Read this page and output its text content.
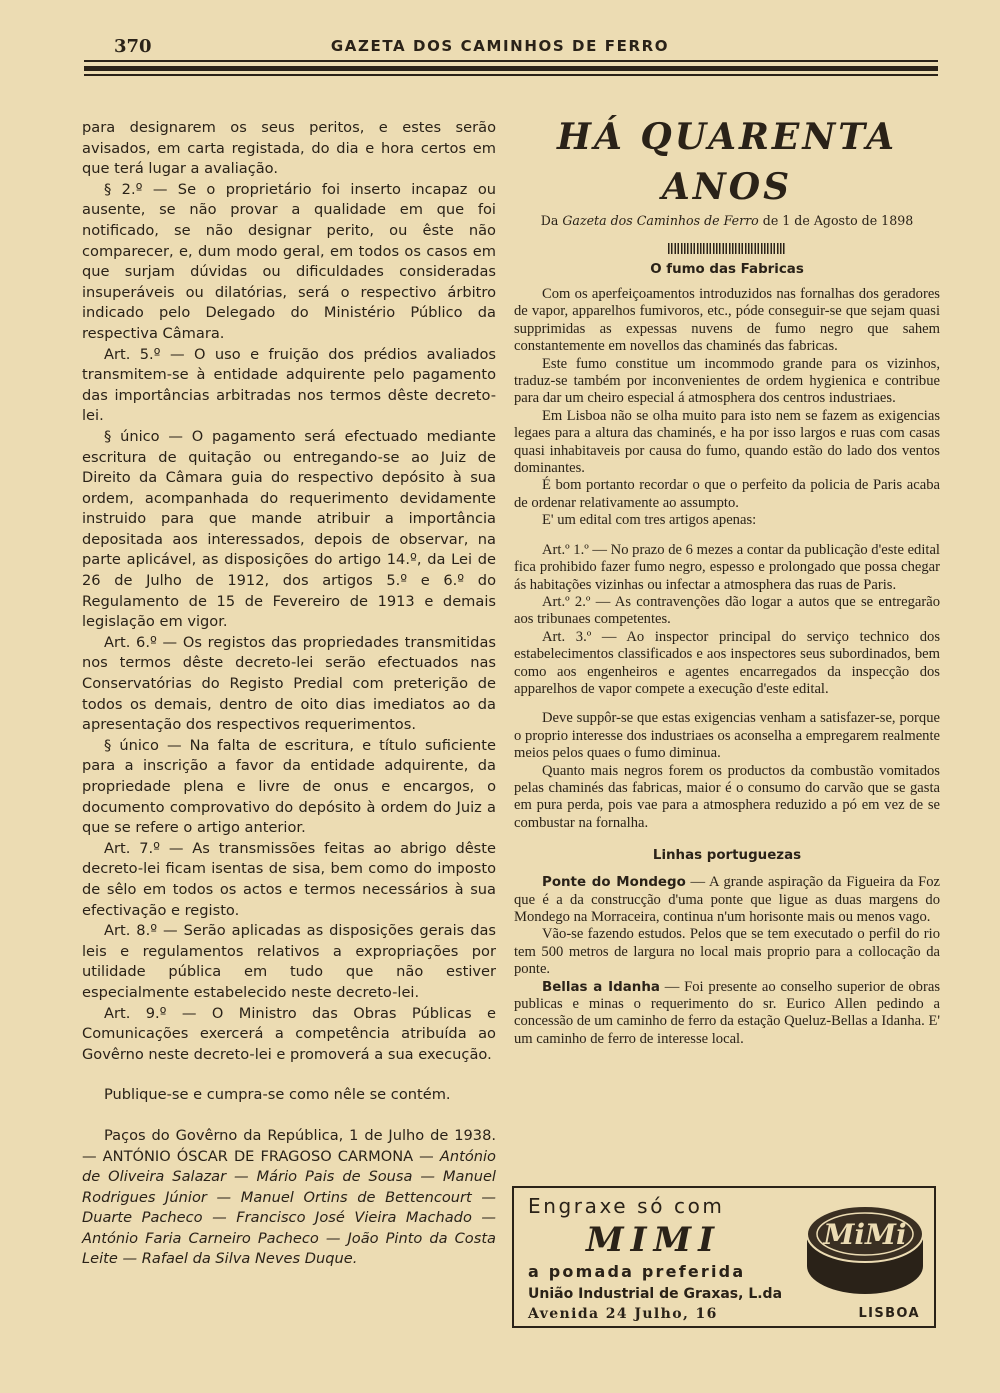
370	GAZETA DOS CAMINHOS DE FERRO

para designarem os seus peritos, e estes serão avisados, em carta registada, do dia e hora certos em que terá lugar a avaliação.

§ 2.º — Se o proprietário foi inserto incapaz ou ausente, se não provar a qualidade em que foi notificado, se não designar perito, ou êste não comparecer, e, dum modo geral, em todos os casos em que surjam dúvidas ou dificuldades consideradas insuperáveis ou dilatórias, será o respectivo árbitro indicado pelo Delegado do Ministério Público da respectiva Câmara.

Art. 5.º — O uso e fruição dos prédios avaliados transmitem-se à entidade adquirente pelo pagamento das importâncias arbitradas nos termos dêste decreto-lei.

§ único — O pagamento será efectuado mediante escritura de quitação ou entregando-se ao Juiz de Direito da Câmara guia do respectivo depósito à sua ordem, acompanhada do requerimento devidamente instruido para que mande atribuir a importância depositada aos interessados, depois de observar, na parte aplicável, as disposições do artigo 14.º, da Lei de 26 de Julho de 1912, dos artigos 5.º e 6.º do Regulamento de 15 de Fevereiro de 1913 e demais legislação em vigor.

Art. 6.º — Os registos das propriedades transmitidas nos termos dêste decreto-lei serão efectuados nas Conservatórias do Registo Predial com preterição de todos os demais, dentro de oito dias imediatos ao da apresentação dos respectivos requerimentos.

§ único — Na falta de escritura, e título suficiente para a inscrição a favor da entidade adquirente, da propriedade plena e livre de onus e encargos, o documento comprovativo do depósito à ordem do Juiz a que se refere o artigo anterior.

Art. 7.º — As transmissões feitas ao abrigo dêste decreto-lei ficam isentas de sisa, bem como do imposto de sêlo em todos os actos e termos necessários à sua efectivação e registo.

Art. 8.º — Serão aplicadas as disposições gerais das leis e regulamentos relativos a expropriações por utilidade pública em tudo que não estiver especialmente estabelecido neste decreto-lei.

Art. 9.º — O Ministro das Obras Públicas e Comunicações exercerá a competência atribuída ao Govêrno neste decreto-lei e promoverá a sua execução.

Publique-se e cumpra-se como nêle se contém.

Paços do Govêrno da República, 1 de Julho de 1938. — ANTÓNIO ÓSCAR DE FRAGOSO CARMONA — António de Oliveira Salazar — Mário Pais de Sousa — Manuel Rodrigues Júnior — Manuel Ortins de Bettencourt — Duarte Pacheco — Francisco José Vieira Machado — António Faria Carneiro Pacheco — João Pinto da Costa Leite — Rafael da Silva Neves Duque.

HÁ QUARENTA ANOS

Da Gazeta dos Caminhos de Ferro de 1 de Agosto de 1898

O fumo das Fabricas

Com os aperfeiçoamentos introduzidos nas fornalhas dos geradores de vapor, apparelhos fumivoros, etc., póde conseguir-se que sejam quasi supprimidas as expessas nuvens de fumo negro que sahem constantemente em novellos das chaminés das fabricas.

Este fumo constitue um incommodo grande para os vizinhos, traduz-se também por inconvenientes de ordem hygienica e contribue para dar um cheiro especial á atmosphera dos centros industriaes.

Em Lisboa não se olha muito para isto nem se fazem as exigencias legaes para a altura das chaminés, e ha por isso largos e ruas com casas quasi inhabitaveis por causa do fumo, quando estão do lado dos ventos dominantes.

É bom portanto recordar o que o perfeito da policia de Paris acaba de ordenar relativamente ao assumpto.

E' um edital com tres artigos apenas:

Art.º 1.º — No prazo de 6 mezes a contar da publicação d'este edital fica prohibido fazer fumo negro, espesso e prolongado que possa chegar ás habitações vizinhas ou infectar a atmosphera das ruas de Paris.

Art.º 2.º — As contravenções dão logar a autos que se entregarão aos tribunaes competentes.

Art. 3.º — Ao inspector principal do serviço technico dos estabelecimentos classificados e aos inspectores seus subordinados, bem como aos engenheiros e agentes encarregados da inspecção dos apparelhos de vapor compete a execução d'este edital.

Deve suppôr-se que estas exigencias venham a satisfazer-se, porque o proprio interesse dos industriaes os aconselha a empregarem realmente meios pelos quaes o fumo diminua.

Quanto mais negros forem os productos da combustão vomitados pelas chaminés das fabricas, maior é o consumo do carvão que se gasta em pura perda, pois vae para a atmosphera reduzido a pó em vez de se combustar na fornalha.

Linhas portuguezas

Ponte do Mondego — A grande aspiração da Figueira da Foz que é a da construcção d'uma ponte que ligue as duas margens do Mondego na Morraceira, continua n'um horisonte mais ou menos vago.

Vão-se fazendo estudos. Pelos que se tem executado o perfil do rio tem 500 metros de largura no local mais proprio para a collocação da ponte.

Bellas a Idanha — Foi presente ao conselho superior de obras publicas e minas o requerimento do sr. Eurico Allen pedindo a concessão de um caminho de ferro da estação Queluz-Bellas a Idanha. E' um caminho de ferro de interesse local.

Engraxe só com
MIMI
a pomada preferida
União Industrial de Graxas, L.da
Avenida 24 Julho, 16	LISBOA
MiMi
